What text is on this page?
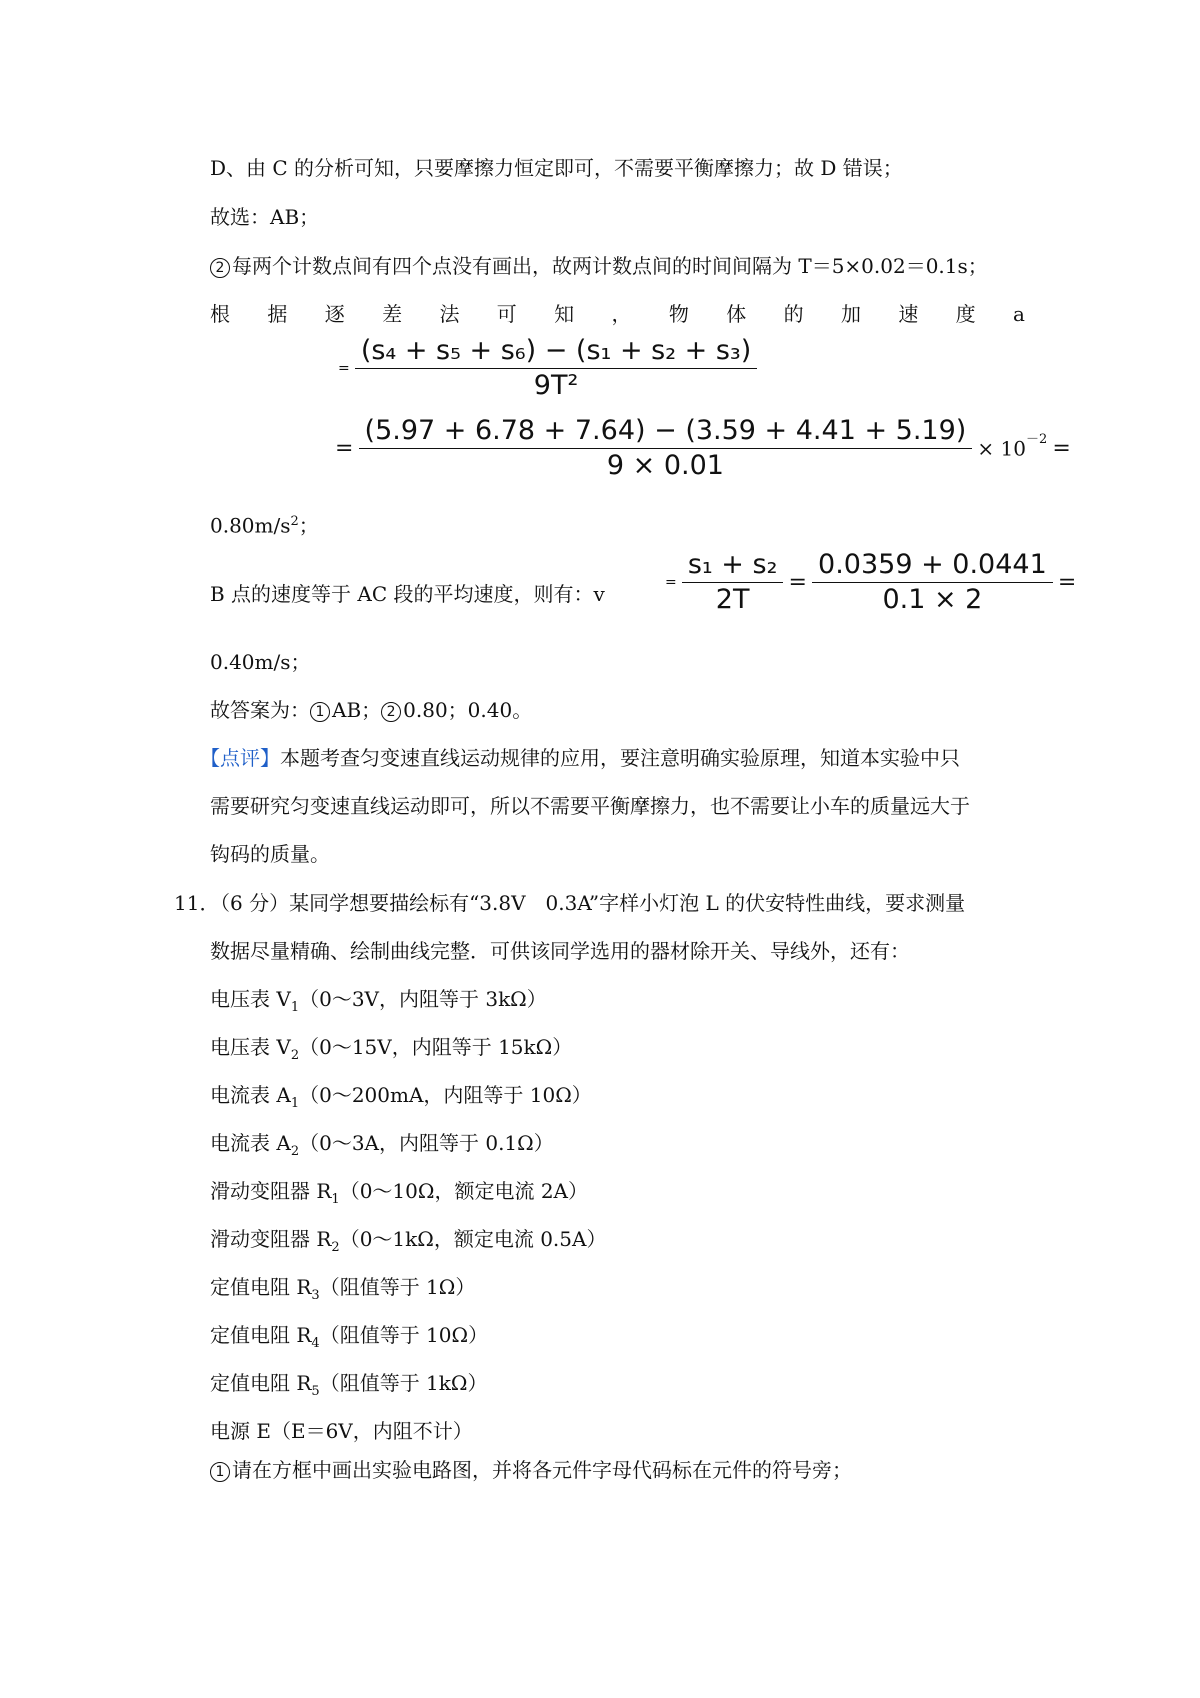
D、由 C 的分析可知，只要摩擦力恒定即可，不需要平衡摩擦力；故 D 错误；
故选：AB；
2 每两个计数点间有四个点没有画出，故两计数点间的时间间隔为 T＝5×0.02＝0.1s；
根 据 逐 差 法 可 知 ， 物 体 的 加 速 度 a
= $\frac{\text{(s₄ + s₅ + s₆) − (s₁ + s₂ + s₃)}}{\text{9T²}}$
= $\frac{(5.97 + 6.78 + 7.64) - (3.59 + 4.41 + 5.19)}{9 \times 0.01} \times 10^{-2}$ =
$0.80m/s^2$；
B 点的速度等于 AC 段的平均速度，则有：v	= $\frac{\text{s₁ + s₂}}{2T} = \frac{0.0359 + 0.0441}{0.1 \times 2}$ =
0.40m/s；
故答案为： 1 AB； 2 0.80；0.40。
【点评】本题考查匀变速直线运动规律的应用，要注意明确实验原理，知道本实验中只
需要研究匀变速直线运动即可，所以不需要平衡摩擦力，也不需要让小车的质量远大于
钩码的质量。
11．
（6 分）某同学想要描绘标有“3.8V　0.3A”字样小灯泡 L 的伏安特性曲线，要求测量
数据尽量精确、绘制曲线完整．可供该同学选用的器材除开关、导线外，还有：
电压表 $V_1(0\sim 3V$，内阻等于 3kΩ）
电压表 $V_2(0\sim 15V$，内阻等于 15kΩ）
电流表 $A_1(0\sim 200mA$，内阻等于 10Ω）
电流表 $A_2(0\sim 3A$，内阻等于 0.1Ω）
滑动变阻器 $R_1(0\sim 10\Omega$，额定电流 2A）
滑动变阻器 $R_2(0\sim 1k\Omega$，额定电流 0.5A）
定值电阻 $R_3$（阻值等于 1Ω）
定值电阻 $R_4$（阻值等于 10Ω）
定值电阻 $R_5$（阻值等于 1kΩ）
电源 E（E＝6V，内阻不计）
1 请在方框中画出实验电路图，并将各元件字母代码标在元件的符号旁；
